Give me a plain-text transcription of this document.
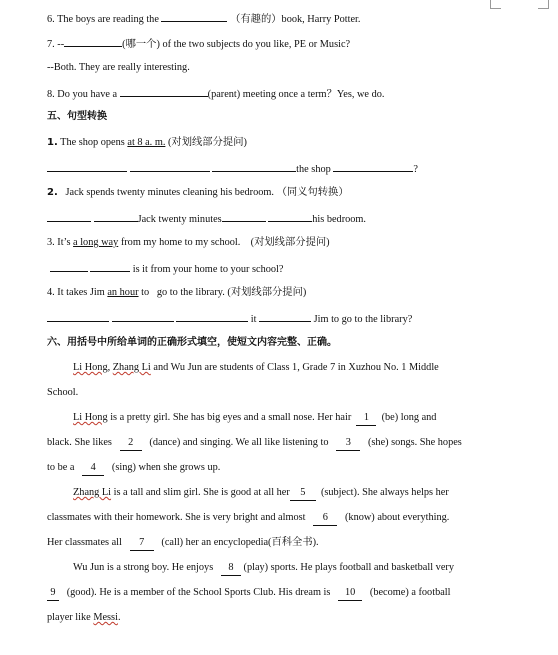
6. The boys are reading the	（有趣的）book, Harry Potter.
7. --	(哪一个) of the two subjects do you like, PE or Music?
--Both. They are really interesting.
8. Do you have a	(parent) meeting once a term？Yes, we do.
五、句型转换
1. The shop opens at 8 a. m. (对划线部分提问)
the shop	?
2. Jack spends twenty minutes cleaning his bedroom. （同义句转换）
Jack twenty minutes	his bedroom.
3. It’s a long way from my home to my school. (对划线部分提问)
is it from your home to your school?
4. It takes Jim an hour to go to the library. (对划线部分提问)
it	Jim to go to the library?
六、用括号中所给单词的正确形式填空，使短文内容完整、正确。
Li Hong, Zhang Li and Wu Jun are students of Class 1, Grade 7 in Xuzhou No. 1 Middle
School.
Li Hong is a pretty girl. She has big eyes and a small nose. Her hair 1 (be) long and
black. She likes 2 (dance) and singing. We all like listening to 3 (she) songs. She hopes
to be a 4 (sing) when she grows up.
Zhang Li is a tall and slim girl. She is good at all her 5 (subject). She always helps her
classmates with their homework. She is very bright and almost 6 (know) about everything.
Her classmates all 7 (call) her an encyclopedia(百科全书).
Wu Jun is a strong boy. He enjoys 8 (play) sports. He plays football and basketball very
9 (good). He is a member of the School Sports Club. His dream is 10 (become) a football
player like Messi.
